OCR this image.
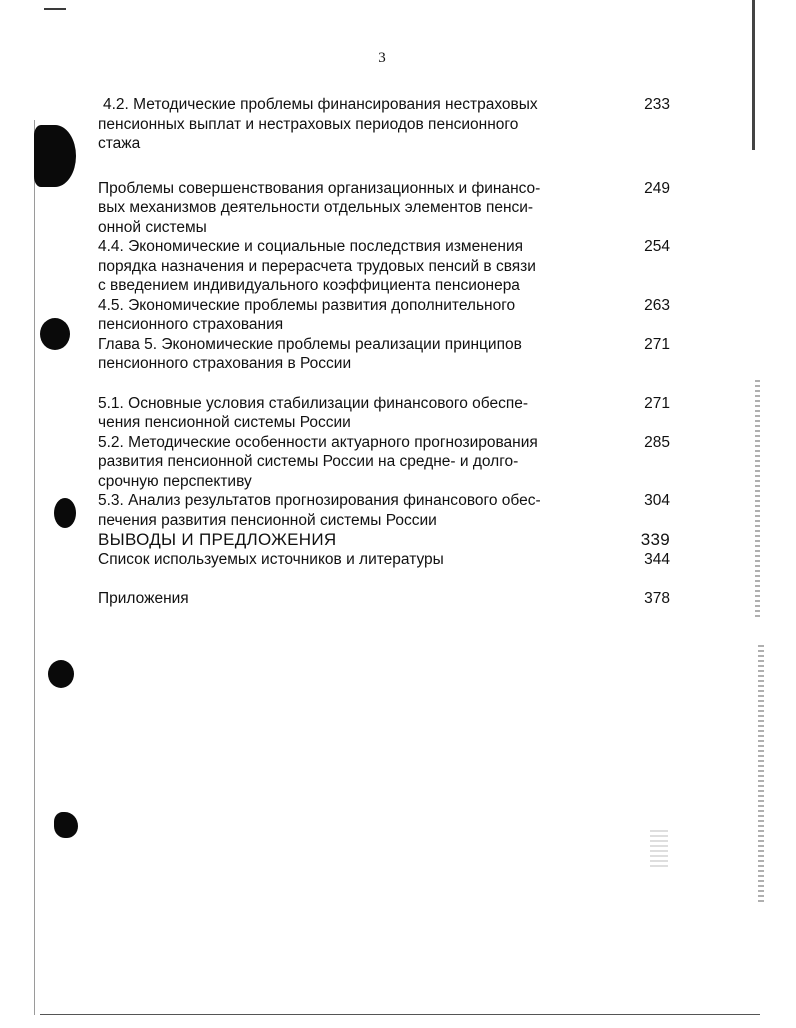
3
4.2. Методические проблемы финансирования нестраховых
пенсионных выплат и нестраховых периодов пенсионного
стажа
233
Проблемы совершенствования организационных и финансо-
вых механизмов деятельности отдельных элементов пенси-
онной системы
249
4.4. Экономические и социальные последствия изменения
порядка назначения и перерасчета трудовых пенсий в связи
с введением индивидуального коэффициента пенсионера
254
4.5. Экономические проблемы развития дополнительного
пенсионного страхования
263
Глава 5. Экономические проблемы реализации принципов
пенсионного страхования в России
271
5.1. Основные условия стабилизации финансового обеспе-
чения пенсионной системы России
271
5.2. Методические особенности актуарного прогнозирования
развития пенсионной системы России на средне- и долго-
срочную перспективу
285
5.3. Анализ результатов прогнозирования финансового обес-
печения развития пенсионной системы России
304
ВЫВОДЫ И ПРЕДЛОЖЕНИЯ	339
Список используемых источников и литературы	344
Приложения	378
